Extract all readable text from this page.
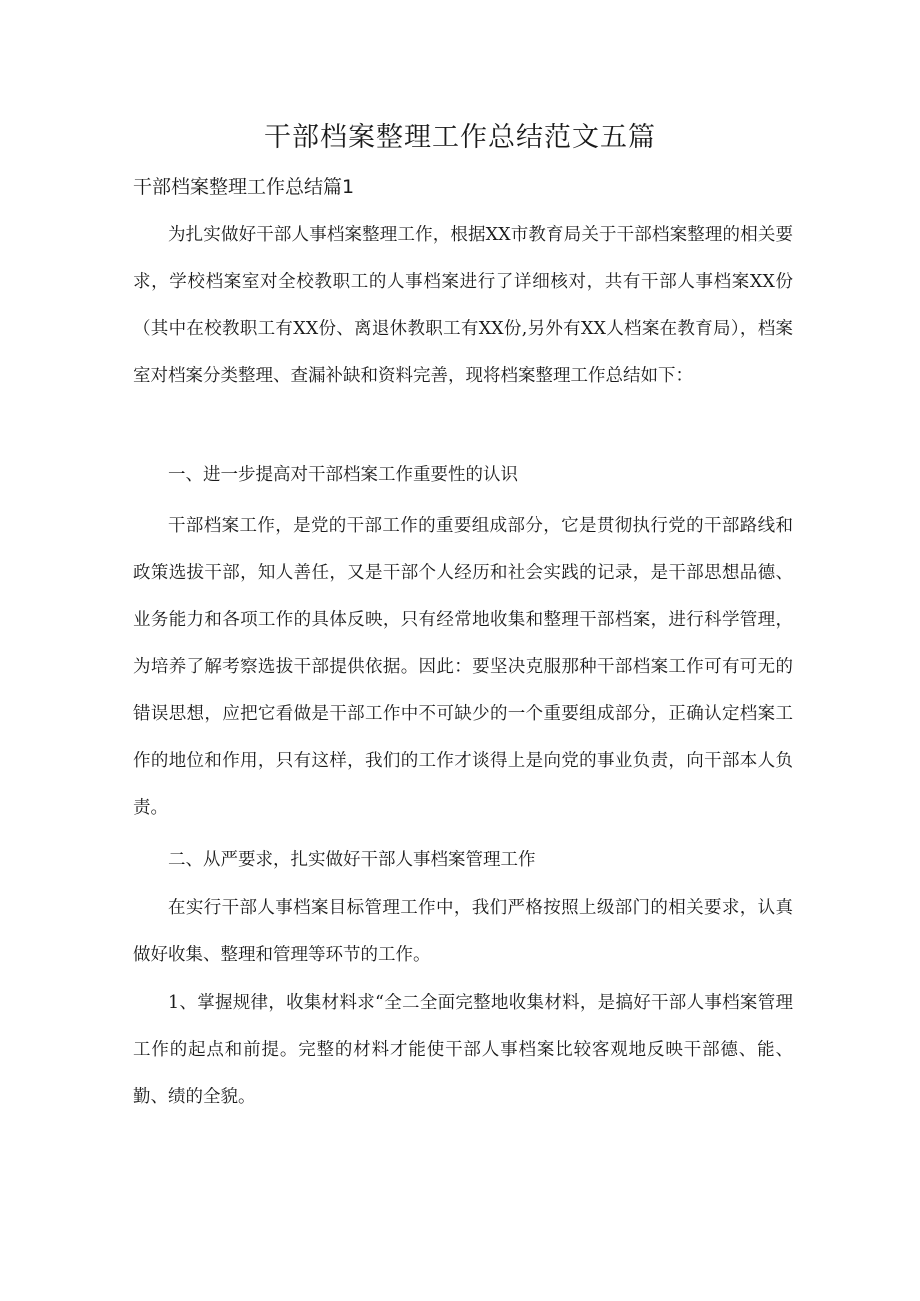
干部档案整理工作总结范文五篇
干部档案整理工作总结篇1

为扎实做好干部人事档案整理工作，根据XX市教育局关于干部档案整理的相关要求，学校档案室对全校教职工的人事档案进行了详细核对，共有干部人事档案XX份（其中在校教职工有XX份、离退休教职工有XX份,另外有XX人档案在教育局），档案室对档案分类整理、查漏补缺和资料完善，现将档案整理工作总结如下：

一、进一步提高对干部档案工作重要性的认识

干部档案工作，是党的干部工作的重要组成部分，它是贯彻执行党的干部路线和政策选拔干部，知人善任，又是干部个人经历和社会实践的记录，是干部思想品德、业务能力和各项工作的具体反映，只有经常地收集和整理干部档案，进行科学管理，为培养了解考察选拔干部提供依据。因此：要坚决克服那种干部档案工作可有可无的错误思想，应把它看做是干部工作中不可缺少的一个重要组成部分，正确认定档案工作的地位和作用，只有这样，我们的工作才谈得上是向党的事业负责，向干部本人负责。

二、从严要求，扎实做好干部人事档案管理工作

在实行干部人事档案目标管理工作中，我们严格按照上级部门的相关要求，认真做好收集、整理和管理等环节的工作。

1、掌握规律，收集材料求“全二全面完整地收集材料，是搞好干部人事档案管理工作的起点和前提。完整的材料才能使干部人事档案比较客观地反映干部德、能、勤、绩的全貌。
